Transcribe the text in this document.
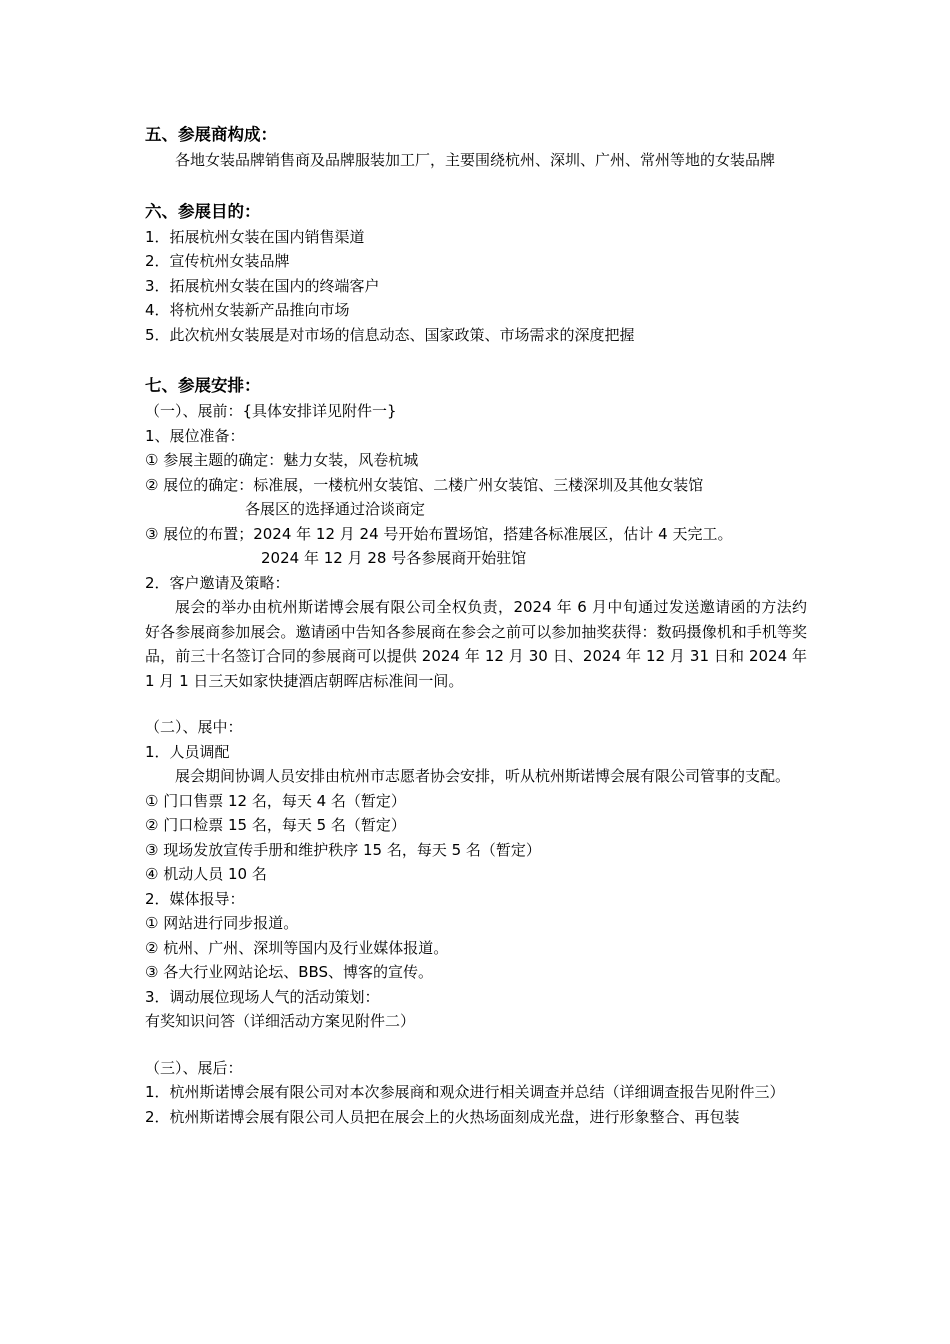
五、参展商构成：
各地女装品牌销售商及品牌服装加工厂，主要围绕杭州、深圳、广州、常州等地的女装品牌
六、参展目的：
1．拓展杭州女装在国内销售渠道
2．宣传杭州女装品牌
3．拓展杭州女装在国内的终端客户
4．将杭州女装新产品推向市场
5．此次杭州女装展是对市场的信息动态、国家政策、市场需求的深度把握
七、参展安排：
（一）、展前：{具体安排详见附件一}
1、展位准备：
① 参展主题的确定：魅力女装，风卷杭城
② 展位的确定：标准展，一楼杭州女装馆、二楼广州女装馆、三楼深圳及其他女装馆
各展区的选择通过洽谈商定
③ 展位的布置；2024 年 12 月 24 号开始布置场馆，搭建各标准展区，估计 4 天完工。
2024 年 12 月 28 号各参展商开始驻馆
2．客户邀请及策略：
展会的举办由杭州斯诺博会展有限公司全权负责，2024 年 6 月中旬通过发送邀请函的方法约好各参展商参加展会。邀请函中告知各参展商在参会之前可以参加抽奖获得：数码摄像机和手机等奖品，前三十名签订合同的参展商可以提供 2024 年 12 月 30 日、2024 年 12 月 31 日和 2024 年 1 月 1 日三天如家快捷酒店朝晖店标准间一间。
（二）、展中：
1．人员调配
展会期间协调人员安排由杭州市志愿者协会安排，听从杭州斯诺博会展有限公司管事的支配。
① 门口售票 12 名，每天 4 名（暂定）
② 门口检票 15 名，每天 5 名（暂定）
③ 现场发放宣传手册和维护秩序 15 名，每天 5 名（暂定）
④ 机动人员 10 名
2．媒体报导：
① 网站进行同步报道。
② 杭州、广州、深圳等国内及行业媒体报道。
③ 各大行业网站论坛、BBS、博客的宣传。
3．调动展位现场人气的活动策划：
有奖知识问答（详细活动方案见附件二）
（三）、展后：
1．杭州斯诺博会展有限公司对本次参展商和观众进行相关调查并总结（详细调查报告见附件三）
2．杭州斯诺博会展有限公司人员把在展会上的火热场面刻成光盘，进行形象整合、再包装
